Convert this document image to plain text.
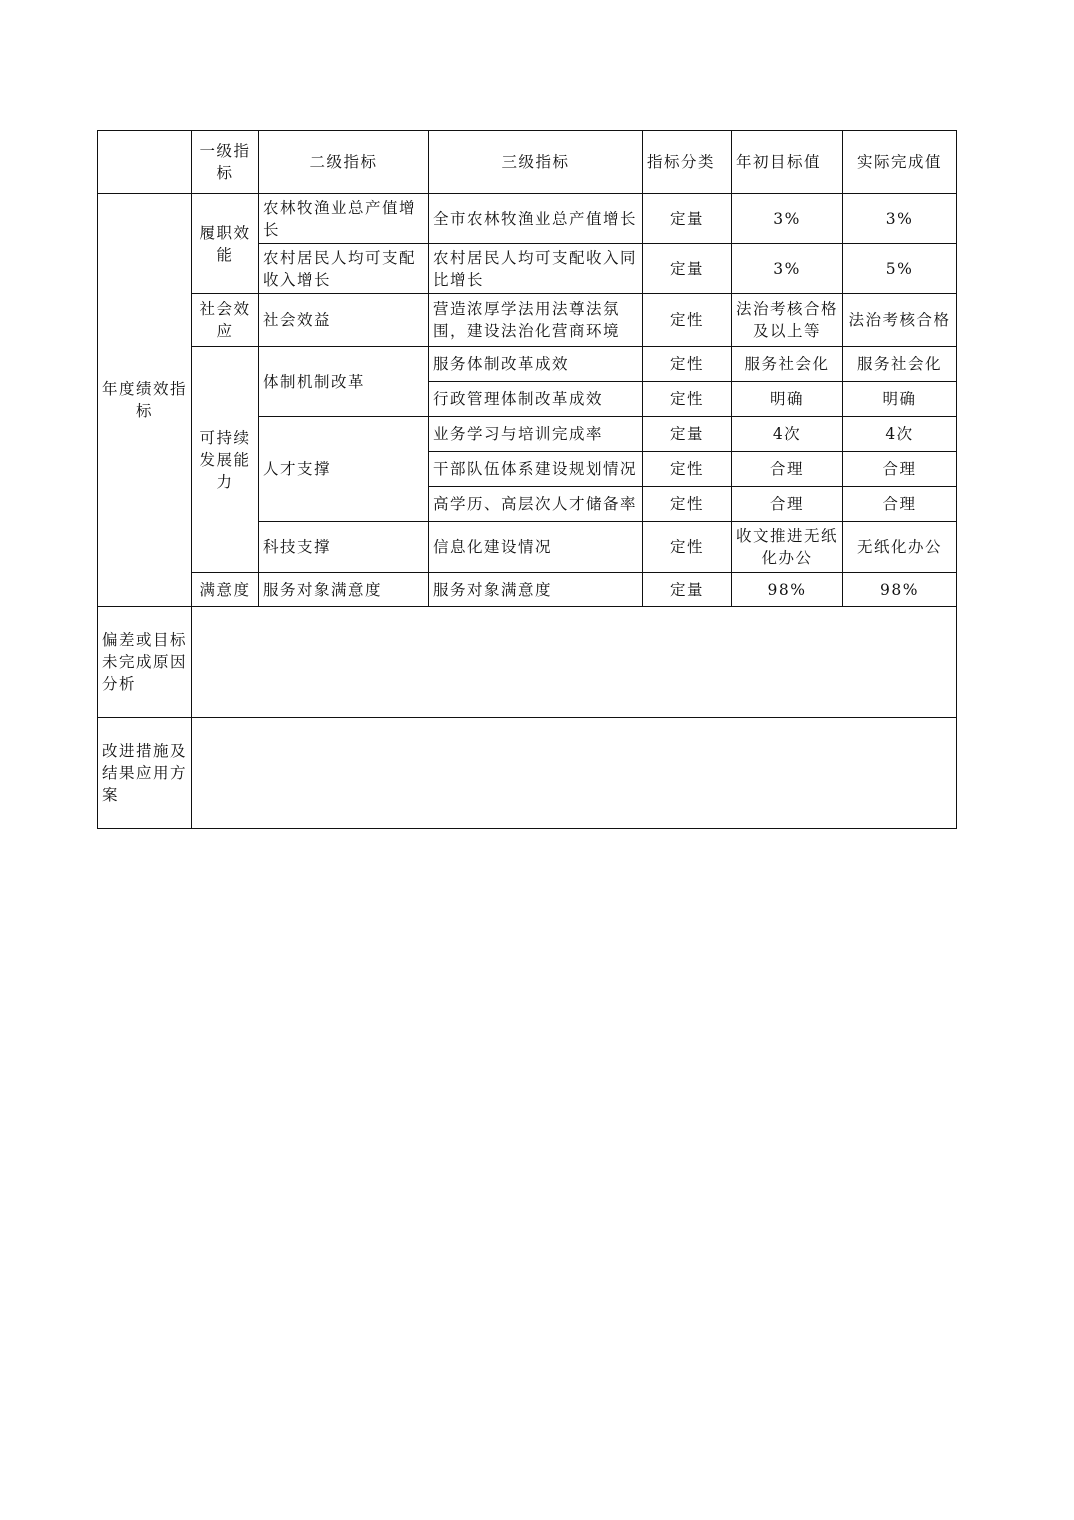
	一级指标	二级指标	三级指标	指标分类	年初目标值	实际完成值
年度绩效指标	履职效能	农林牧渔业总产值增长	全市农林牧渔业总产值增长	定量	3%	3%

		农村居民人均可支配收入增长	农村居民人均可支配收入同比增长	定量	3%	5%
	社会效应	社会效益	营造浓厚学法用法尊法氛围，建设法治化营商环境	定性	法治考核合格及以上等	法治考核合格

	可持续发展能力	体制机制改革	服务体制改革成效	定性	服务社会化	服务社会化
			行政管理体制改革成效	定性	明确	明确
		人才支撑	业务学习与培训完成率	定量	4次	4次

			干部队伍体系建设规划情况	定性	合理	合理

			高学历、高层次人才储备率	定性	合理	合理
		科技支撑	信息化建设情况	定性	收文推进无纸化办公	无纸化办公
	满意度	服务对象满意度	服务对象满意度	定量	98%	98%
偏差或目标未完成原因分析						
改进措施及结果应用方案						
